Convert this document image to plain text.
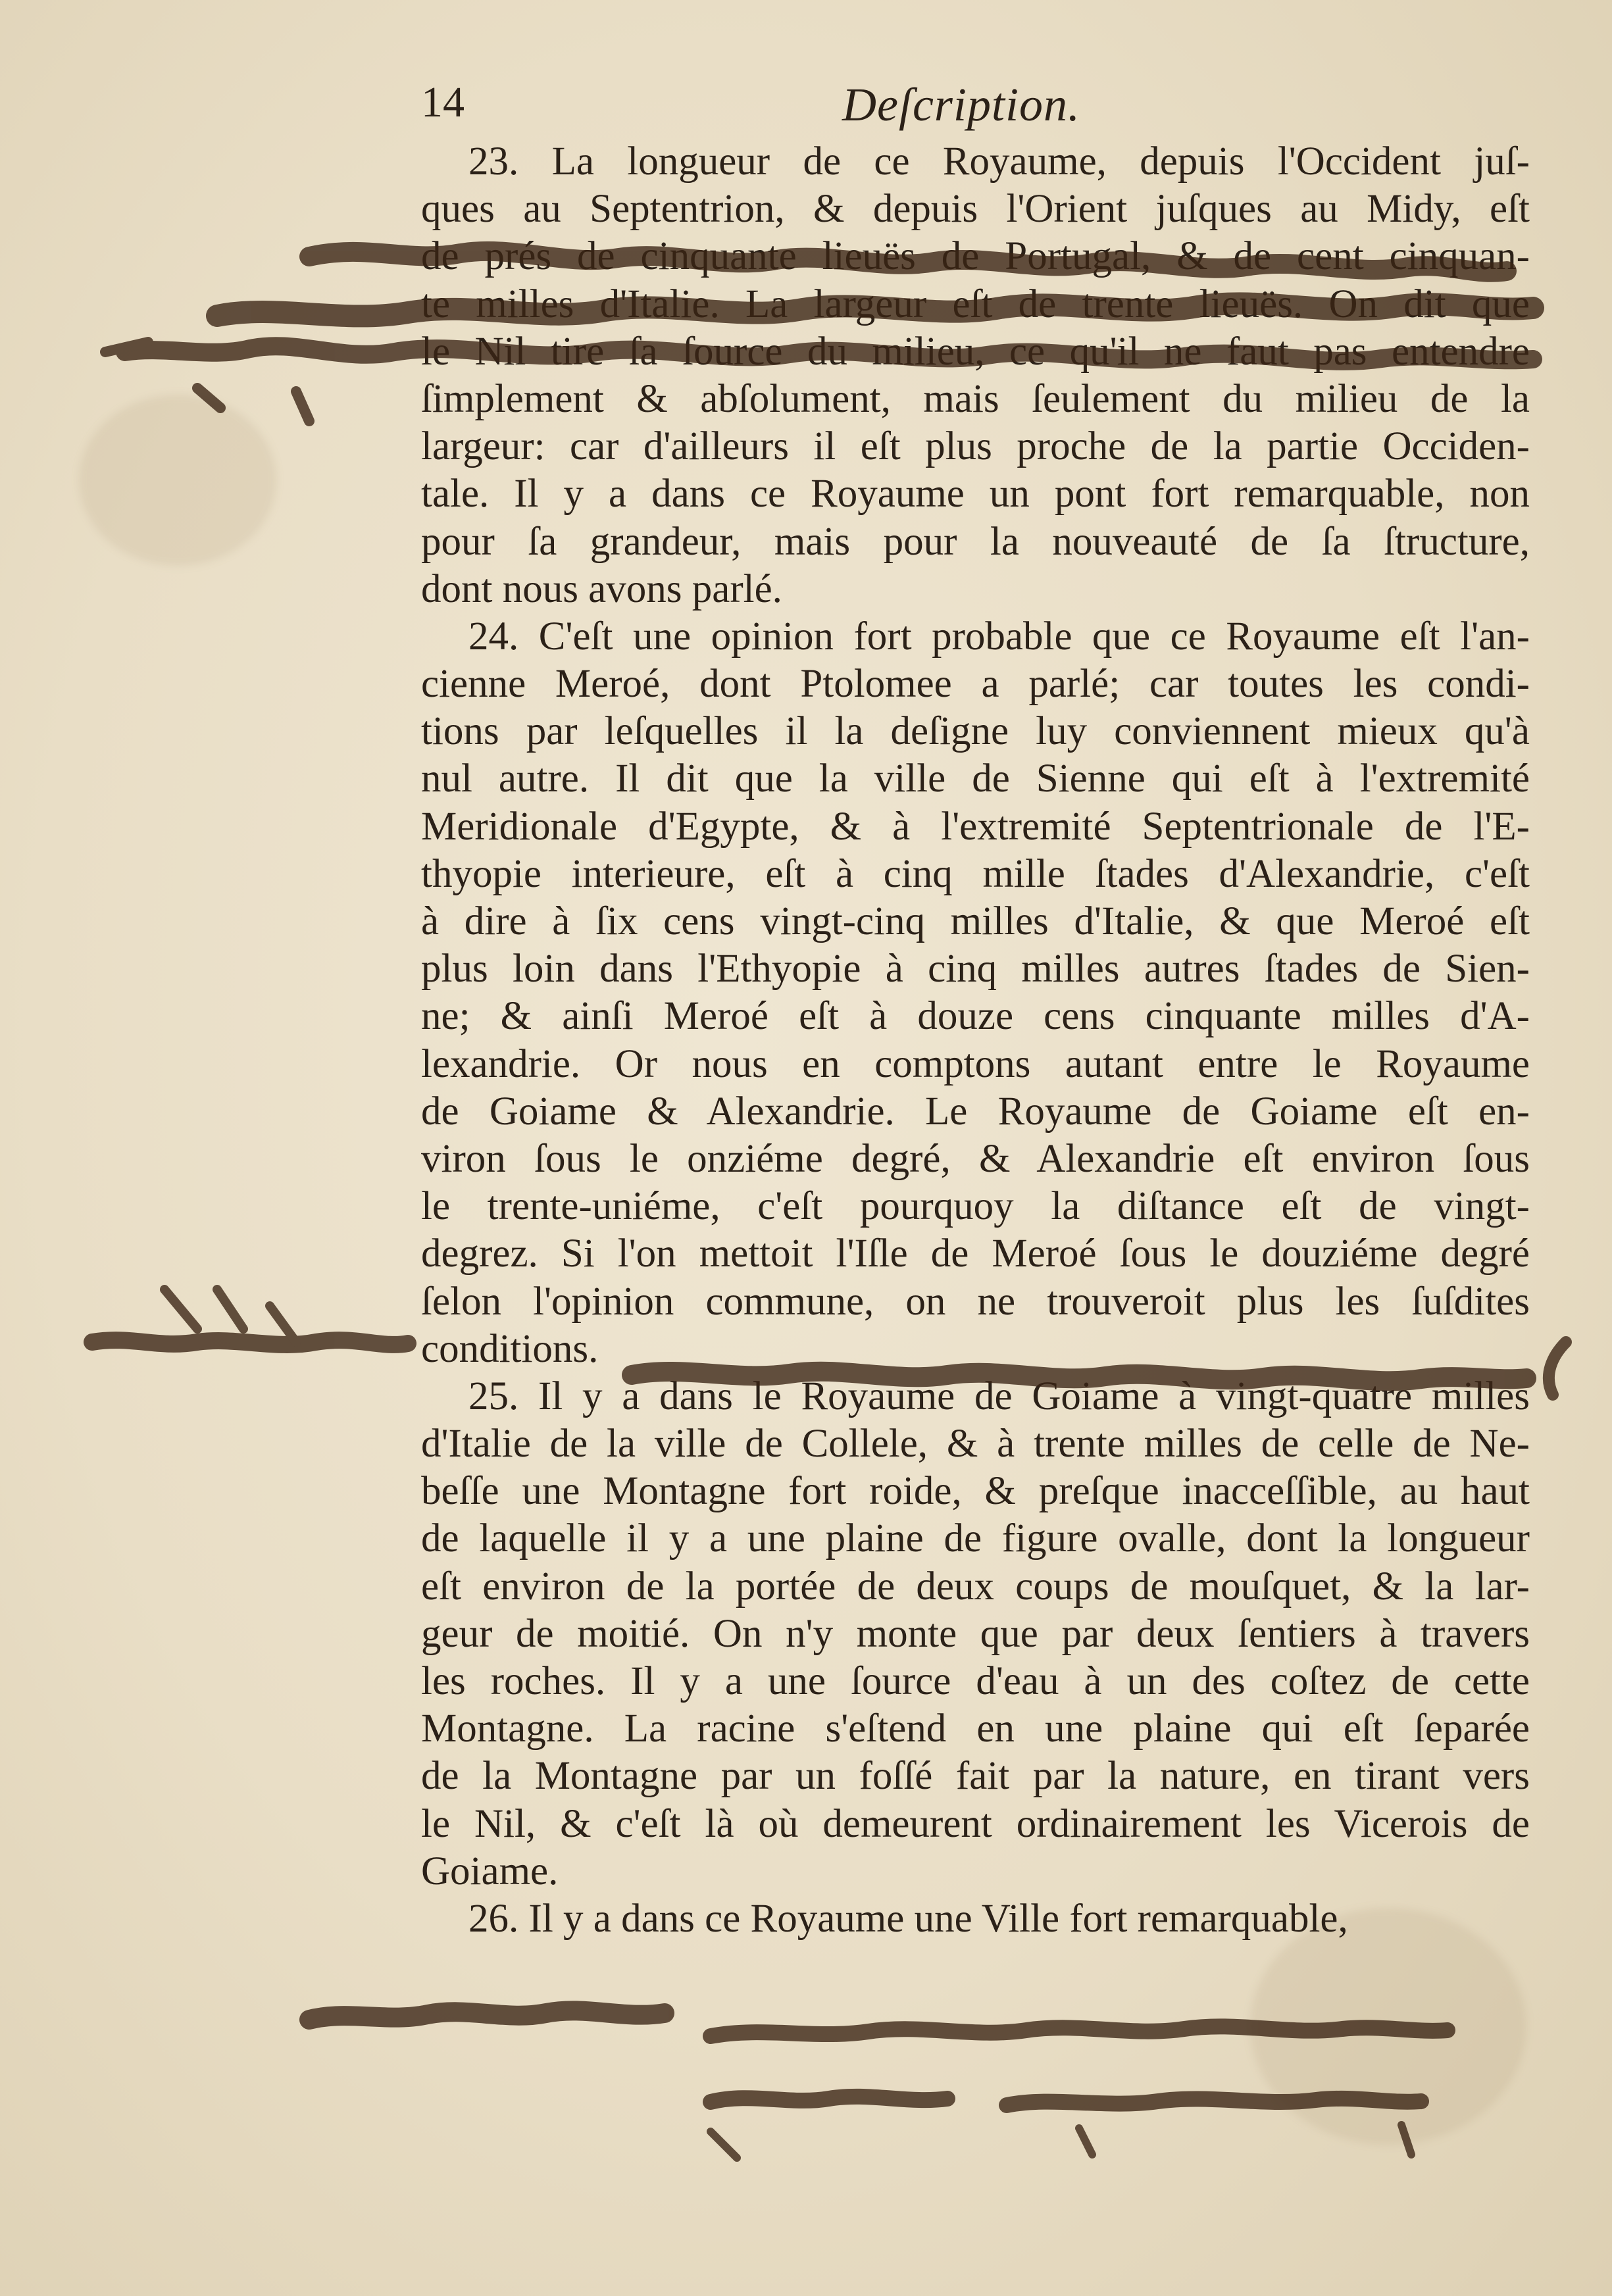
14	Deſcription.
23. La longueur de ce Royaume, depuis l'Occident juſ-
ques au Septentrion, & depuis l'Orient juſques au Midy, eſt
de prés de cinquante lieuës de Portugal, & de cent cinquan-
te milles d'Italie. La largeur eſt de trente lieuës. On dit que
le Nil tire ſa ſource du milieu, ce qu'il ne faut pas entendre
ſimplement & abſolument, mais ſeulement du milieu de la
largeur: car d'ailleurs il eſt plus proche de la partie Occiden-
tale. Il y a dans ce Royaume un pont fort remarquable, non
pour ſa grandeur, mais pour la nouveauté de ſa ſtructure,
dont nous avons parlé.
24. C'eſt une opinion fort probable que ce Royaume eſt l'an-
cienne Meroé, dont Ptolomee a parlé; car toutes les condi-
tions par leſquelles il la deſigne luy conviennent mieux qu'à
nul autre. Il dit que la ville de Sienne qui eſt à l'extremité
Meridionale d'Egypte, & à l'extremité Septentrionale de l'E-
thyopie interieure, eſt à cinq mille ſtades d'Alexandrie, c'eſt
à dire à ſix cens vingt-cinq milles d'Italie, & que Meroé eſt
plus loin dans l'Ethyopie à cinq milles autres ſtades de Sien-
ne; & ainſi Meroé eſt à douze cens cinquante milles d'A-
lexandrie. Or nous en comptons autant entre le Royaume
de Goiame & Alexandrie. Le Royaume de Goiame eſt en-
viron ſous le onziéme degré, & Alexandrie eſt environ ſous
le trente-uniéme, c'eſt pourquoy la diſtance eſt de vingt-
degrez. Si l'on mettoit l'Iſle de Meroé ſous le douziéme degré
ſelon l'opinion commune, on ne trouveroit plus les ſuſdites
conditions.
25. Il y a dans le Royaume de Goiame à vingt-quatre milles
d'Italie de la ville de Collele, & à trente milles de celle de Ne-
beſſe une Montagne fort roide, & preſque inacceſſible, au haut
de laquelle il y a une plaine de figure ovalle, dont la longueur
eſt environ de la portée de deux coups de mouſquet, & la lar-
geur de moitié. On n'y monte que par deux ſentiers à travers
les roches. Il y a une ſource d'eau à un des coſtez de cette
Montagne. La racine s'eſtend en une plaine qui eſt ſeparée
de la Montagne par un foſſé fait par la nature, en tirant vers
le Nil, & c'eſt là où demeurent ordinairement les Vicerois de
Goiame.
26. Il y a dans ce Royaume une Ville fort remarquable,
